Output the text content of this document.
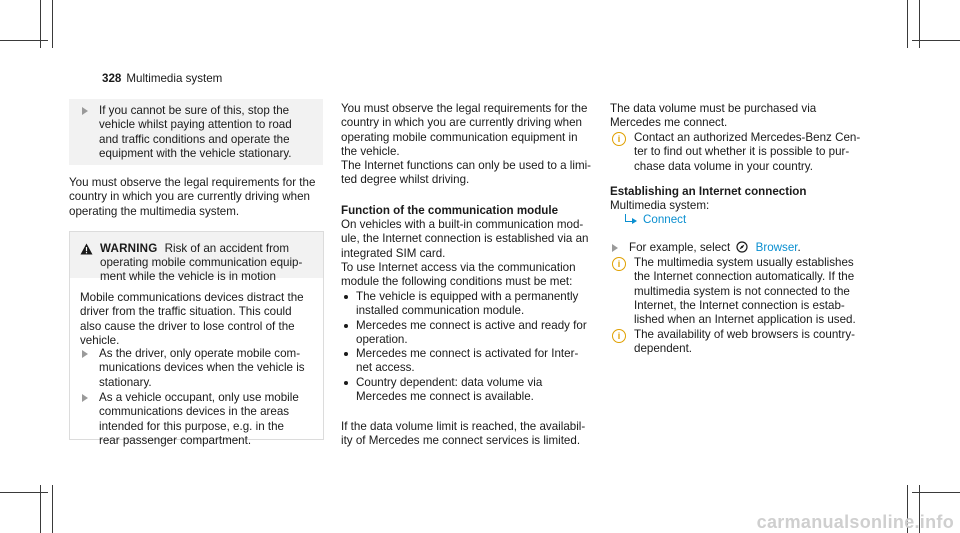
328 Multimedia system

If you cannot be sure of this, stop the
vehicle whilst paying attention to road
and traffic conditions and operate the
equipment with the vehicle stationary.

You must observe the legal requirements for the
country in which you are currently driving when
operating the multimedia system.

WARNING Risk of an accident from

operating mobile communication equip-
ment while the vehicle is in motion

Mobile communications devices distract the
driver from the traffic situation. This could
also cause the driver to lose control of the
vehicle.

As the driver, only operate mobile com-
munications devices when the vehicle is
stationary.

As a vehicle occupant, only use mobile
communications devices in the areas
intended for this purpose, e.g. in the
rear passenger compartment.

You must observe the legal requirements for the
country in which you are currently driving when
operating mobile communication equipment in
the vehicle.
The Internet functions can only be used to a limi-
ted degree whilst driving.

Function of the communication module

On vehicles with a built-in communication mod-
ule, the Internet connection is established via an
integrated SIM card.
To use Internet access via the communication
module the following conditions must be met:

The vehicle is equipped with a permanently
installed communication module.
Mercedes me connect is active and ready for
operation.
Mercedes me connect is activated for Inter-
net access.
Country dependent: data volume via
Mercedes me connect is available.

If the data volume limit is reached, the availabil-
ity of Mercedes me connect services is limited.

The data volume must be purchased via
Mercedes me connect.

i	Contact an authorized Mercedes-Benz Cen-
ter to find out whether it is possible to pur-
chase data volume in your country.

Establishing an Internet connection
Multimedia system:
Connect
For example, select Browser.
i	The multimedia system usually establishes
the Internet connection automatically. If the
multimedia system is not connected to the
Internet, the Internet connection is estab-
lished when an Internet application is used.

i	The availability of web browsers is country-
dependent.

carmanualsonline.info
